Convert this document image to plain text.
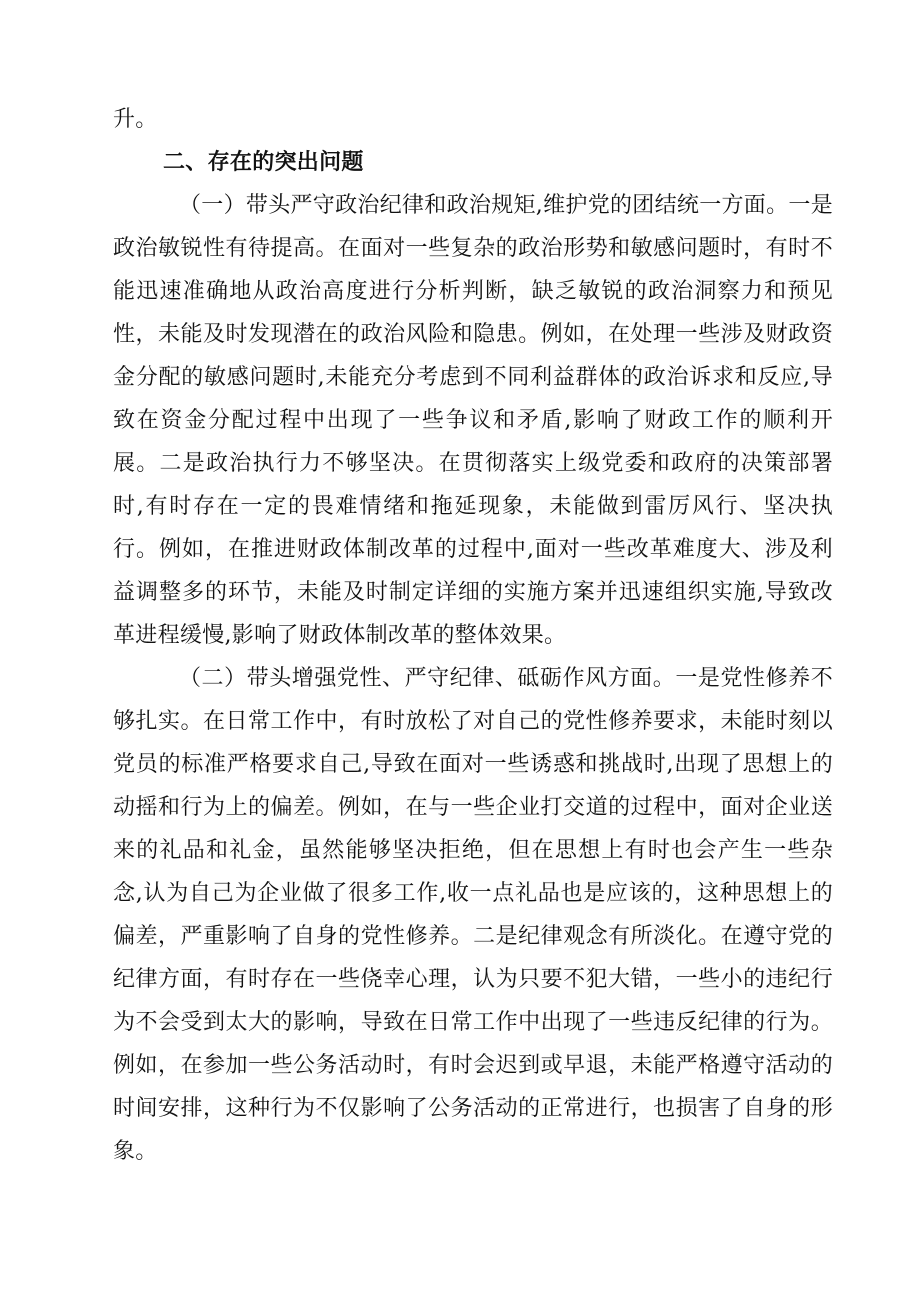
升。

二、存在的突出问题

（一）带头严守政治纪律和政治规矩,维护党的团结统一方面。一是政治敏锐性有待提高。在面对一些复杂的政治形势和敏感问题时，有时不能迅速准确地从政治高度进行分析判断，缺乏敏锐的政治洞察力和预见性，未能及时发现潜在的政治风险和隐患。例如，在处理一些涉及财政资金分配的敏感问题时,未能充分考虑到不同利益群体的政治诉求和反应,导致在资金分配过程中出现了一些争议和矛盾,影响了财政工作的顺利开展。二是政治执行力不够坚决。在贯彻落实上级党委和政府的决策部署时,有时存在一定的畏难情绪和拖延现象，未能做到雷厉风行、坚决执行。例如，在推进财政体制改革的过程中,面对一些改革难度大、涉及利益调整多的环节，未能及时制定详细的实施方案并迅速组织实施,导致改革进程缓慢,影响了财政体制改革的整体效果。

（二）带头增强党性、严守纪律、砥砺作风方面。一是党性修养不够扎实。在日常工作中，有时放松了对自己的党性修养要求，未能时刻以党员的标准严格要求自己,导致在面对一些诱惑和挑战时,出现了思想上的动摇和行为上的偏差。例如，在与一些企业打交道的过程中，面对企业送来的礼品和礼金，虽然能够坚决拒绝，但在思想上有时也会产生一些杂念,认为自己为企业做了很多工作,收一点礼品也是应该的，这种思想上的偏差，严重影响了自身的党性修养。二是纪律观念有所淡化。在遵守党的纪律方面，有时存在一些侥幸心理，认为只要不犯大错，一些小的违纪行为不会受到太大的影响，导致在日常工作中出现了一些违反纪律的行为。例如，在参加一些公务活动时，有时会迟到或早退，未能严格遵守活动的时间安排，这种行为不仅影响了公务活动的正常进行，也损害了自身的形象。
